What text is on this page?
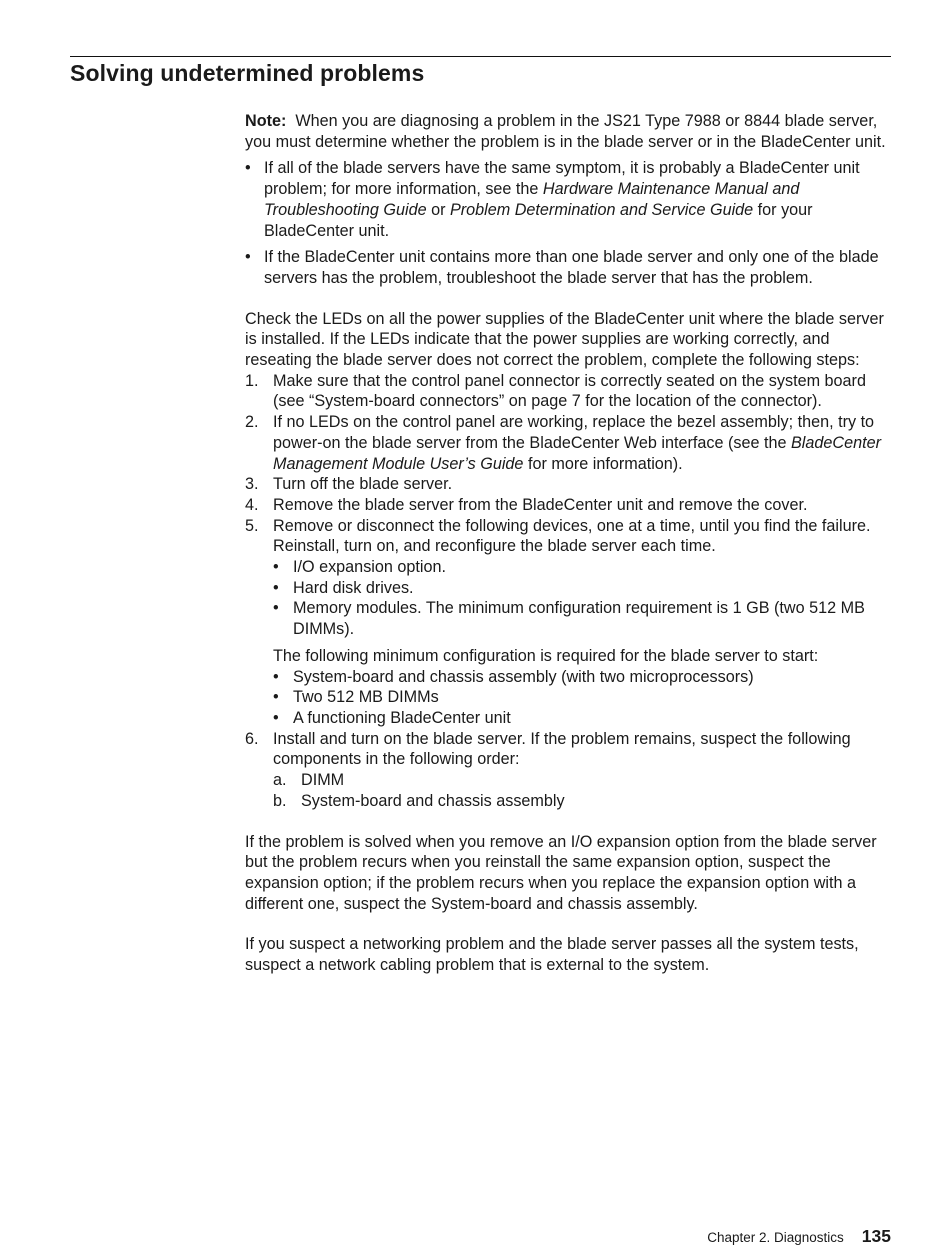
Solving undetermined problems

Note: When you are diagnosing a problem in the JS21 Type 7988 or 8844 blade server, you must determine whether the problem is in the blade server or in the BladeCenter unit.

• If all of the blade servers have the same symptom, it is probably a BladeCenter unit problem; for more information, see the Hardware Maintenance Manual and Troubleshooting Guide or Problem Determination and Service Guide for your BladeCenter unit.
• If the BladeCenter unit contains more than one blade server and only one of the blade servers has the problem, troubleshoot the blade server that has the problem.

Check the LEDs on all the power supplies of the BladeCenter unit where the blade server is installed. If the LEDs indicate that the power supplies are working correctly, and reseating the blade server does not correct the problem, complete the following steps:

1. Make sure that the control panel connector is correctly seated on the system board (see “System-board connectors” on page 7 for the location of the connector).
2. If no LEDs on the control panel are working, replace the bezel assembly; then, try to power-on the blade server from the BladeCenter Web interface (see the BladeCenter Management Module User’s Guide for more information).
3. Turn off the blade server.
4. Remove the blade server from the BladeCenter unit and remove the cover.
5. Remove or disconnect the following devices, one at a time, until you find the failure. Reinstall, turn on, and reconfigure the blade server each time.
• I/O expansion option.
• Hard disk drives.
• Memory modules. The minimum configuration requirement is 1 GB (two 512 MB DIMMs).

The following minimum configuration is required for the blade server to start:

• System-board and chassis assembly (with two microprocessors)
• Two 512 MB DIMMs
• A functioning BladeCenter unit
6. Install and turn on the blade server. If the problem remains, suspect the following components in the following order:
a. DIMM
b. System-board and chassis assembly

If the problem is solved when you remove an I/O expansion option from the blade server but the problem recurs when you reinstall the same expansion option, suspect the expansion option; if the problem recurs when you replace the expansion option with a different one, suspect the System-board and chassis assembly.

If you suspect a networking problem and the blade server passes all the system tests, suspect a network cabling problem that is external to the system.

Chapter 2. Diagnostics 135
